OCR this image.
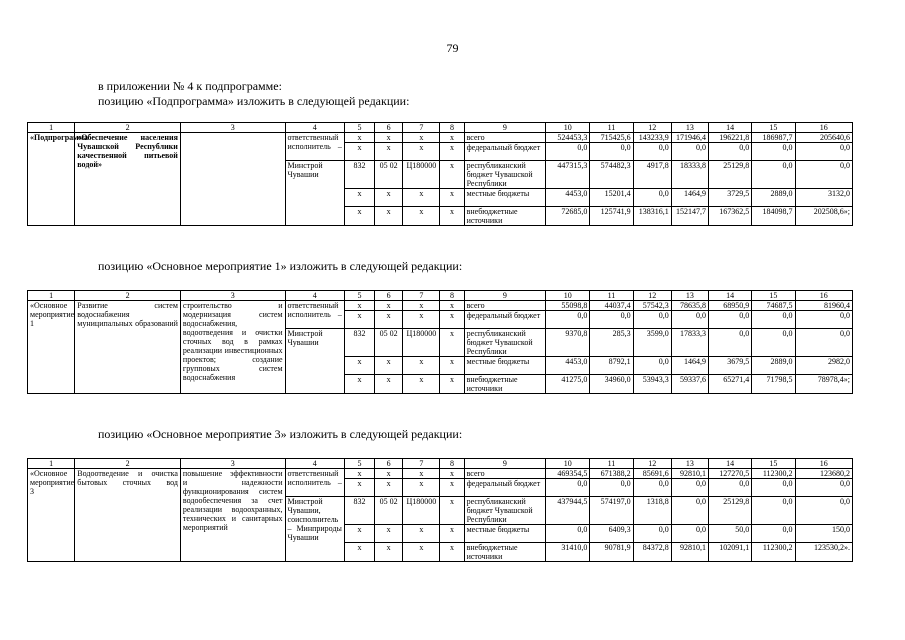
79
в приложении № 4 к подпрограмме:
позицию «Подпрограмма» изложить в следующей редакции:
позицию «Основное мероприятие 1» изложить в следующей редакции:
позицию «Основное мероприятие 3» изложить в следующей редакции:
1	2	3	4	5	6	7	8	9	10	11	12	13	14	15	16
«Подпрограмма	«Обеспечение населения Чувашской Республики качественной питьевой водой»		ответственный исполнитель –	x	x	x	x	всего	524453,3	715425,6	143233,9	171946,4	196221,8	186987,7	205640,6
				x	x	x	x	федеральный бюджет	0,0	0,0	0,0	0,0	0,0	0,0	0,0
			Минстрой Чувашии	832	05 02	Ц180000	x	республиканский бюджет Чувашской Республики	447315,3	574482,3	4917,8	18333,8	25129,8	0,0	0,0
				x	x	x	x	местные бюджеты	4453,0	15201,4	0,0	1464,9	3729,5	2889,0	3132,0
				x	x	x	x	внебюджетные источники	72685,0	125741,9	138316,1	152147,7	167362,5	184098,7	202508,6»;
1	2	3	4	5	6	7	8	9	10	11	12	13	14	15	16
«Основное мероприятие 1	Развитие систем водоснабжения муниципальных образований	строительство и модернизация систем водоснабжения, водоотведения и очистки сточных вод в рамках реализации инвестиционных проектов; создание групповых систем водоснабжения	ответственный исполнитель –	x	x	x	x	всего	55098,8	44037,4	57542,3	78635,8	68950,9	74687,5	81960,4
				x	x	x	x	федеральный бюджет	0,0	0,0	0,0	0,0	0,0	0,0	0,0
			Минстрой Чувашии	832	05 02	Ц180000	x	республиканский бюджет Чувашской Республики	9370,8	285,3	3599,0	17833,3	0,0	0,0	0,0
				x	x	x	x	местные бюджеты	4453,0	8792,1	0,0	1464,9	3679,5	2889,0	2982,0
				x	x	x	x	внебюджетные источники	41275,0	34960,0	53943,3	59337,6	65271,4	71798,5	78978,4»;
1	2	3	4	5	6	7	8	9	10	11	12	13	14	15	16
«Основное мероприятие 3	Водоотведение и очистка бытовых сточных вод	повышение эффективности и надежности функционирования систем водообеспечения за счет реализации водоохранных, технических и санитарных мероприятий	ответственный исполнитель –	x	x	x	x	всего	469354,5	671388,2	85691,6	92810,1	127270,5	112300,2	123680,2
				x	x	x	x	федеральный бюджет	0,0	0,0	0,0	0,0	0,0	0,0	0,0
			Минстрой Чувашии, соисполнитель – Минприроды Чувашии	832	05 02	Ц180000	x	республиканский бюджет Чувашской Республики	437944,5	574197,0	1318,8	0,0	25129,8	0,0	0,0
				x	x	x	x	местные бюджеты	0,0	6409,3	0,0	0,0	50,0	0,0	150,0
				x	x	x	x	внебюджетные источники	31410,0	90781,9	84372,8	92810,1	102091,1	112300,2	123530,2».
